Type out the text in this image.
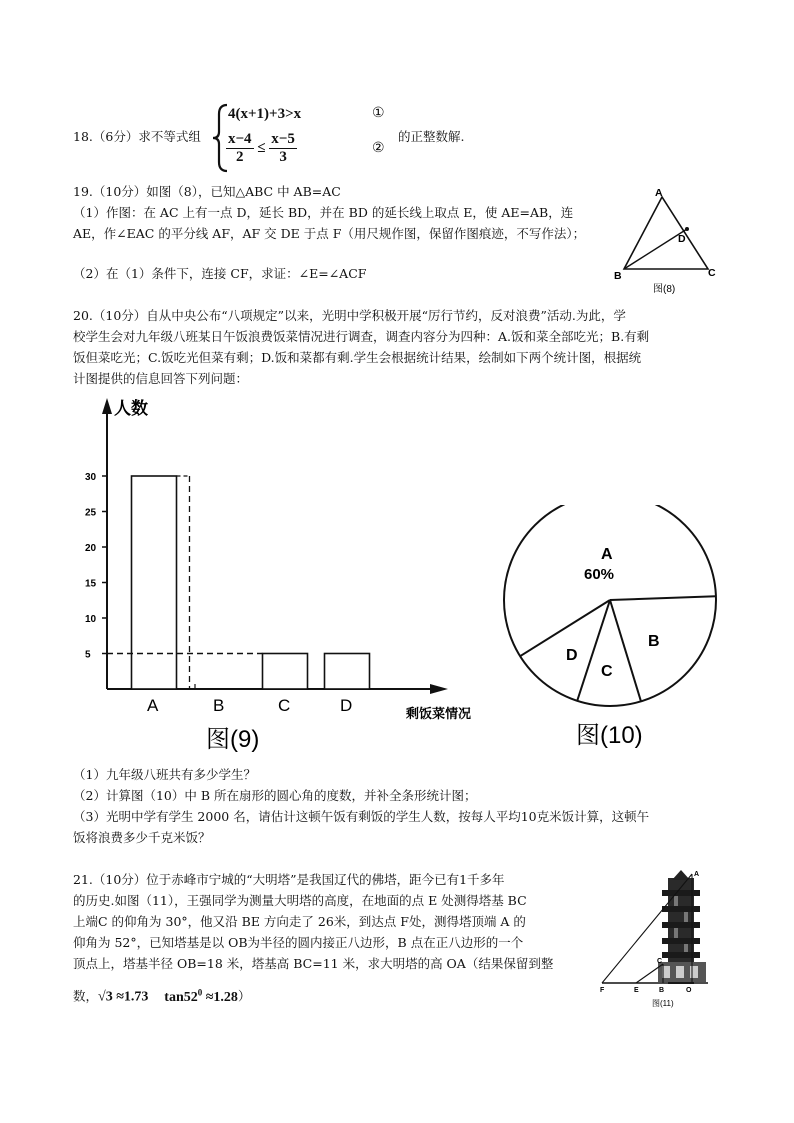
18.（6分）求不等式组
4(x+1)+3>x	①
$\frac{x-4}{2} \le \frac{x-5}{3}$	②
的正整数解.
19.（10分）如图（8），已知△ABC 中 AB=AC
（1）作图：在 AC 上有一点 D，延长 BD，并在 BD 的延长线上取点 E，使 AE=AB，连
AE，作∠EAC 的平分线 AF，AF 交 DE 于点 F（用尺规作图，保留作图痕迹，不写作法）；
（2）在（1）条件下，连接 CF，求证：∠E=∠ACF
A
D
B	C
图(8)
20.（10分）自从中央公布“八项规定”以来，光明中学积极开展“厉行节约，反对浪费”活动.为此，学
校学生会对九年级八班某日午饭浪费饭菜情况进行调查，调查内容分为四种：A.饭和菜全部吃光；B.有剩
饭但菜吃光；C.饭吃光但菜有剩；D.饭和菜都有剩.学生会根据统计结果，绘制如下两个统计图，根据统
计图提供的信息回答下列问题：
人数
剩饭菜情况
5
10
15
20
25
30
A	B	C	D
图(9)
A
60%
B
C
D
图(10)
（1）九年级八班共有多少学生？
（2）计算图（10）中 B 所在扇形的圆心角的度数，并补全条形统计图；
（3）光明中学有学生 2000 名，请估计这顿午饭有剩饭的学生人数，按每人平均10克米饭计算，这顿午
饭将浪费多少千克米饭？
21.（10分）位于赤峰市宁城的“大明塔”是我国辽代的佛塔，距今已有1千多年
的历史.如图（11），王强同学为测量大明塔的高度，在地面的点 E 处测得塔基 BC
上端C 的仰角为 30°，他又沿 BE 方向走了 26米，到达点 F处，测得塔顶端 A 的
仰角为 52°，已知塔基是以 OB为半径的圆内接正八边形，B 点在正八边形的一个
顶点上，塔基半径 OB=18 米，塔基高 BC=11 米，求大明塔的高 OA（结果保留到整
数，√3 ≈1.73 $\tan 52^0 \approx 1.28$）
A
C
F	E	B	O
图(11)
